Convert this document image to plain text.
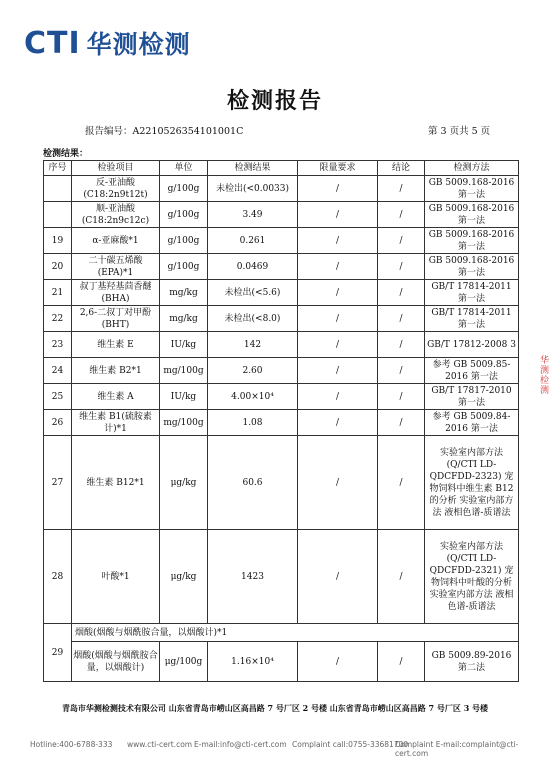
CTI 华测检测
检测报告
报告编号：A2210526354101001C	第 3 页共 5 页
检测结果：
序号	检验项目	单位	检测结果	限量要求	结论	检测方法
	反-亚油酸(C18:2n9t12t)	g/100g	未检出(<0.0033)	/	/	GB 5009.168-2016 第一法
	顺-亚油酸(C18:2n9c12c)	g/100g	3.49	/	/	GB 5009.168-2016 第一法
19	α-亚麻酸*1	g/100g	0.261	/	/	GB 5009.168-2016 第一法
20	二十碳五烯酸(EPA)*1	g/100g	0.0469	/	/	GB 5009.168-2016 第一法
21	叔丁基羟基茴香醚(BHA)	mg/kg	未检出(<5.6)	/	/	GB/T 17814-2011 第一法
22	2,6-二叔丁对甲酚(BHT)	mg/kg	未检出(<8.0)	/	/	GB/T 17814-2011 第一法
23	维生素 E	IU/kg	142	/	/	GB/T 17812-2008 3
24	维生素 B2*1	mg/100g	2.60	/	/	参考 GB 5009.85-2016 第一法
25	维生素 A	IU/kg	4.00×10⁴	/	/	GB/T 17817-2010 第一法
26	维生素 B1(硫胺素计)*1	mg/100g	1.08	/	/	参考 GB 5009.84-2016 第一法
27	维生素 B12*1	μg/kg	60.6	/	/	实验室内部方法 (Q/CTI LD-QDCFDD-2323) 宠物饲料中维生素 B12 的分析 实验室内部方法 液相色谱-质谱法
28	叶酸*1	μg/kg	1423	/	/	实验室内部方法 (Q/CTI LD-QDCFDD-2321) 宠物饲料中叶酸的分析 实验室内部方法 液相色谱-质谱法
29	烟酸(烟酸与烟酰胺合量，以烟酸计)*1					
	烟酸(烟酸与烟酰胺合量，以烟酸计)	μg/100g	1.16×10⁴	/	/	GB 5009.89-2016 第二法
华测检测
青岛市华测检测技术有限公司 山东省青岛市崂山区高昌路 7 号厂区 2 号楼 山东省青岛市崂山区高昌路 7 号厂区 3 号楼
Hotline:400-6788-333 www.cti-cert.com E-mail:info@cti-cert.com Complaint call:0755-33681700
Complaint E-mail:complaint@cti-cert.com
